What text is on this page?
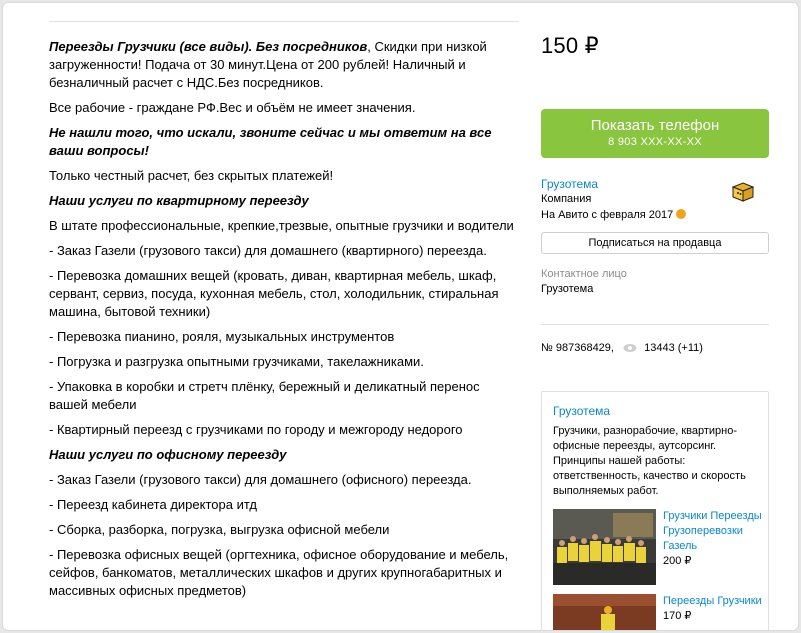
Переезды Грузчики (все виды). Без посредников, Скидки при низкой загруженности! Подача от 30 минут.Цена от 200 рублей! Наличный и безналичный расчет с НДС.Без посредников.

Все рабочие - граждане РФ.Вес и объём не имеет значения.

Не нашли того, что искали, звоните сейчас и мы ответим на все ваши вопросы!

Только честный расчет, без скрытых платежей!

Наши услуги по квартирному переезду

В штате профессиональные, крепкие,трезвые, опытные грузчики и водители

- Заказ Газели (грузового такси) для домашнего (квартирного) переезда.

- Перевозка домашних вещей (кровать, диван, квартирная мебель, шкаф, сервант, сервиз, посуда, кухонная мебель, стол, холодильник, стиральная машина, бытовой техники)

- Перевозка пианино, рояля, музыкальных инструментов

- Погрузка и разгрузка опытными грузчиками, такелажниками.

- Упаковка в коробки и стретч плёнку, бережный и деликатный перенос вашей мебели

- Квартирный переезд с грузчиками по городу и межгороду недорого

Наши услуги по офисному переезду

- Заказ Газели (грузового такси) для домашнего (офисного) переезда.

- Переезд кабинета директора итд

- Сборка, разборка, погрузка, выгрузка офисной мебели

- Перевозка офисных вещей (оргтехника, офисное оборудование и мебель, сейфов, банкоматов, металлических шкафов и других крупногабаритных и массивных офисных предметов)

150 ₽
Показать телефон
8 903 XXX-XX-XX
Грузотема
Компания
На Авито с февраля 2017
Подписаться на продавца
Контактное лицо
Грузотема
№ 987368429,	13443 (+11)
Грузотема
Грузчики, разнорабочие, квартирно-офисные переезды, аутсорсинг. Принципы нашей работы: ответственность, качество и скорость выполняемых работ.
Грузчики Переезды Грузоперевозки Газель
200 ₽
Переезды Грузчики
170 ₽
